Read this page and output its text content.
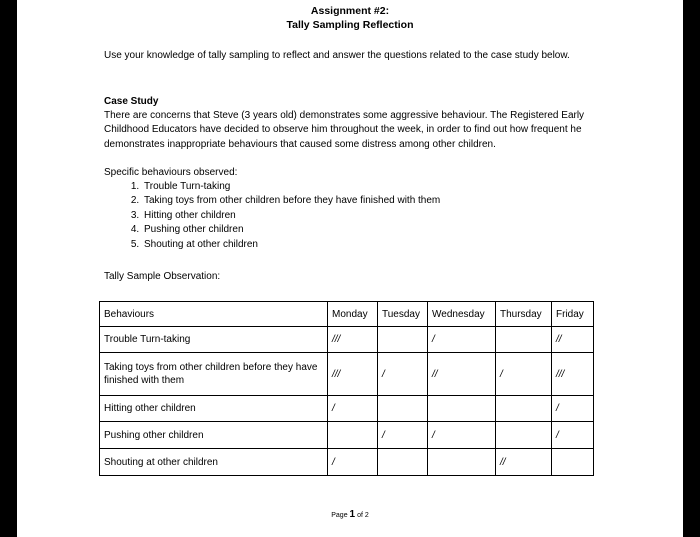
Assignment #2:
Tally Sampling Reflection
Use your knowledge of tally sampling to reflect and answer the questions related to the case study below.
Case Study
There are concerns that Steve (3 years old) demonstrates some aggressive behaviour. The Registered Early Childhood Educators have decided to observe him throughout the week, in order to find out how frequent he demonstrates inappropriate behaviours that caused some distress among other children.
Specific behaviours observed:
1. Trouble Turn-taking
2. Taking toys from other children before they have finished with them
3. Hitting other children
4. Pushing other children
5. Shouting at other children
Tally Sample Observation:
Behaviours	Monday	Tuesday	Wednesday	Thursday	Friday
Trouble Turn-taking	///		/		//
Taking toys from other children before they have finished with them	///	/	//	/	///
Hitting other children	/				/
Pushing other children		/	/		/
Shouting at other children	/			//	
Page 1 of 2
